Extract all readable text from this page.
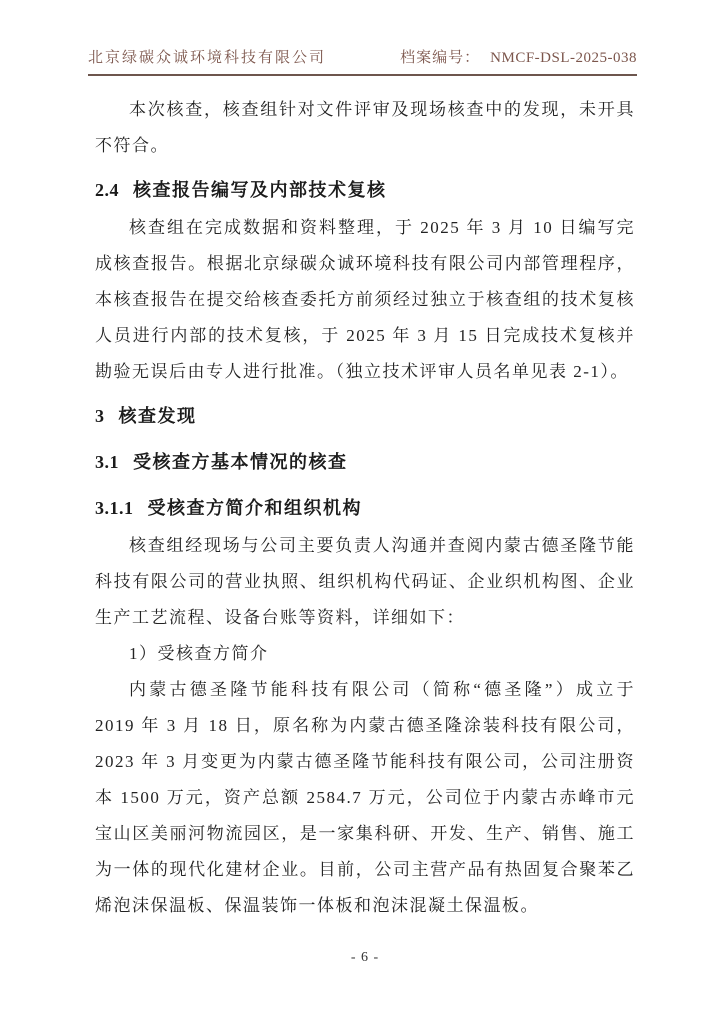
北京绿碳众诚环境科技有限公司	档案编号： NMCF-DSL-2025-038

本次核查，核查组针对文件评审及现场核查中的发现，未开具不符合。

2.4 核查报告编写及内部技术复核

核查组在完成数据和资料整理，于 2025 年 3 月 10 日编写完成核查报告。根据北京绿碳众诚环境科技有限公司内部管理程序，本核查报告在提交给核查委托方前须经过独立于核查组的技术复核人员进行内部的技术复核，于 2025 年 3 月 15 日完成技术复核并勘验无误后由专人进行批准。（独立技术评审人员名单见表 2-1）。

3 核查发现
3.1 受核查方基本情况的核查
3.1.1 受核查方简介和组织机构

核查组经现场与公司主要负责人沟通并查阅内蒙古德圣隆节能科技有限公司的营业执照、组织机构代码证、企业织机构图、企业生产工艺流程、设备台账等资料，详细如下：

1）受核查方简介

内蒙古德圣隆节能科技有限公司（简称“德圣隆”）成立于 2019 年 3 月 18 日，原名称为内蒙古德圣隆涂装科技有限公司，2023 年 3 月变更为内蒙古德圣隆节能科技有限公司，公司注册资本 1500 万元，资产总额 2584.7 万元，公司位于内蒙古赤峰市元宝山区美丽河物流园区，是一家集科研、开发、生产、销售、施工为一体的现代化建材企业。目前，公司主营产品有热固复合聚苯乙烯泡沫保温板、保温装饰一体板和泡沫混凝土保温板。

- 6 -
